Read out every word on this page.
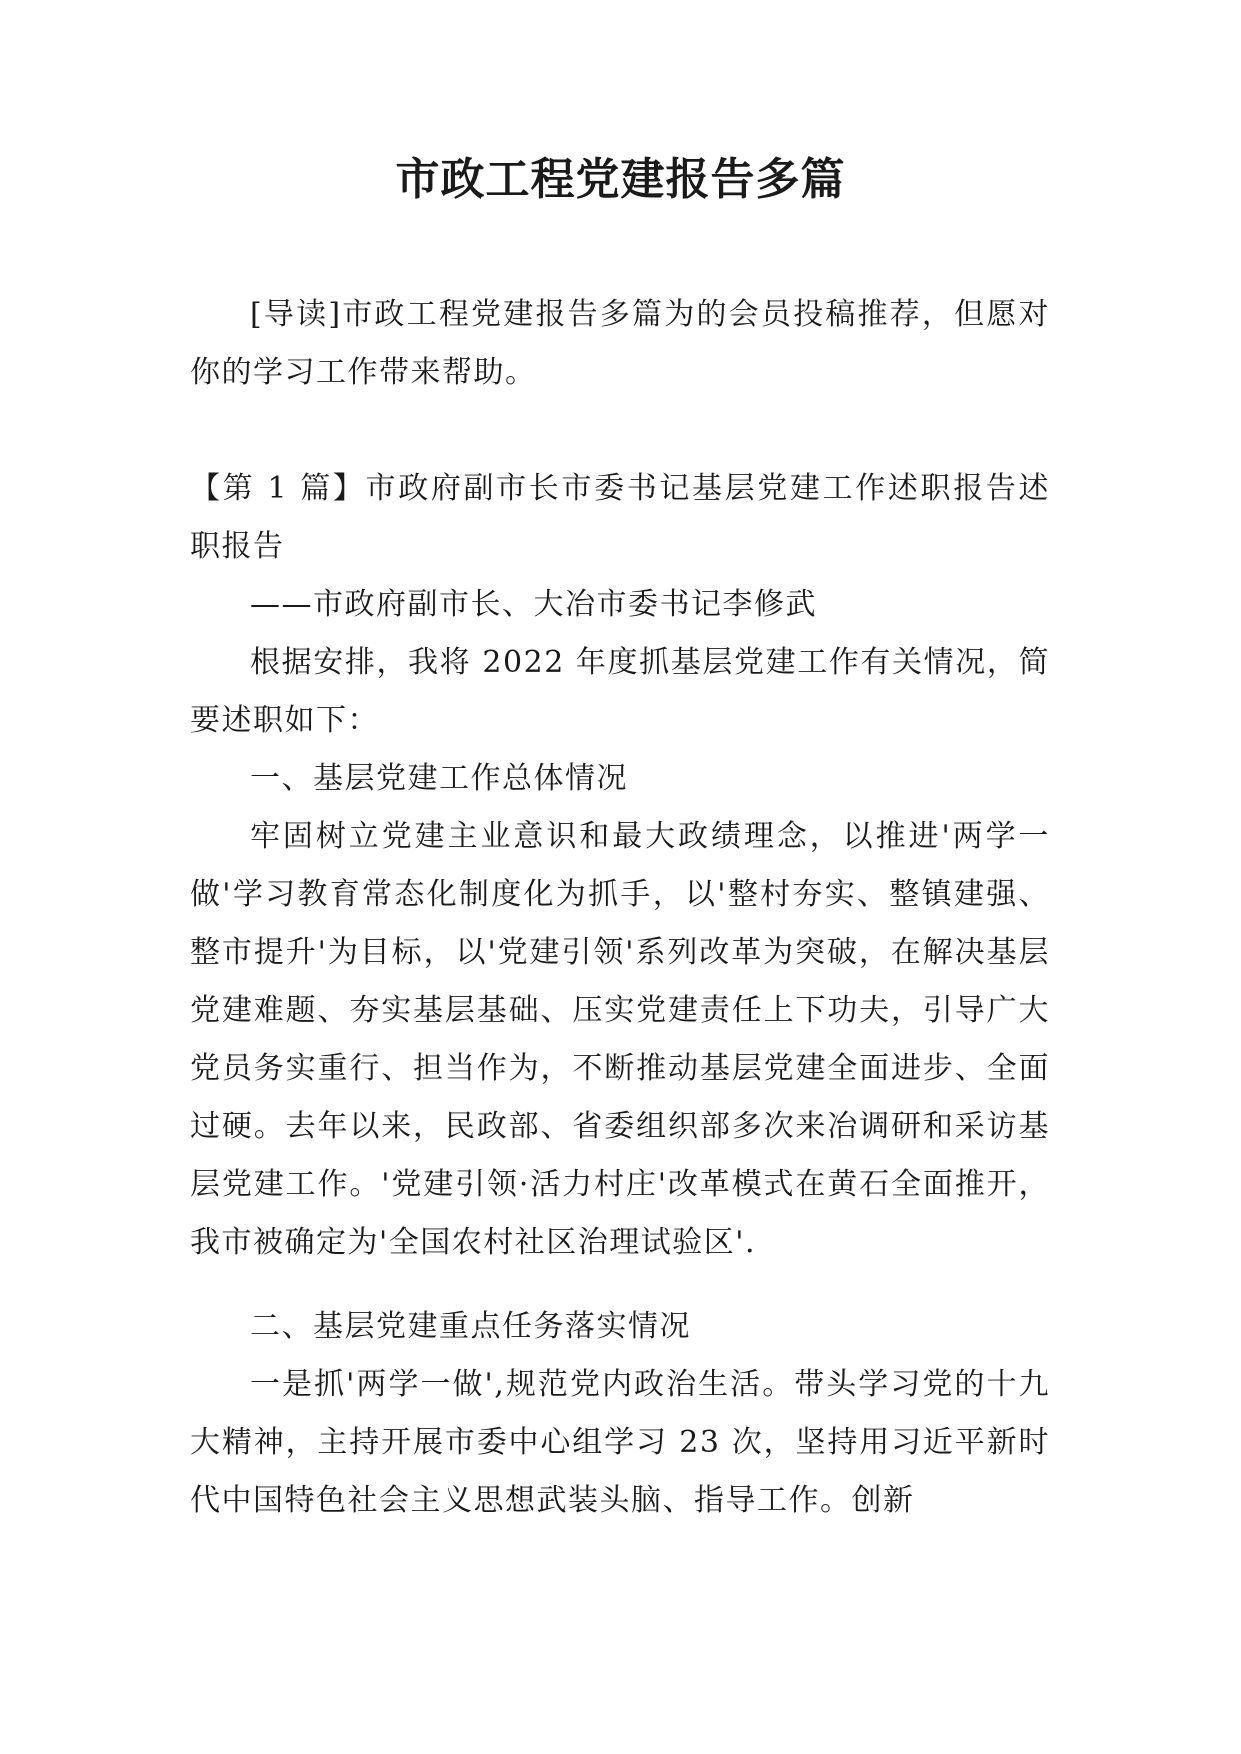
市政工程党建报告多篇

[导读]市政工程党建报告多篇为的会员投稿推荐，但愿对你的学习工作带来帮助。

【第 1 篇】市政府副市长市委书记基层党建工作述职报告述职报告

——市政府副市长、大冶市委书记李修武

根据安排，我将 2022 年度抓基层党建工作有关情况，简要述职如下：

一、基层党建工作总体情况

牢固树立党建主业意识和最大政绩理念，以推进'两学一做'学习教育常态化制度化为抓手，以'整村夯实、整镇建强、整市提升'为目标，以'党建引领'系列改革为突破，在解决基层党建难题、夯实基层基础、压实党建责任上下功夫，引导广大党员务实重行、担当作为，不断推动基层党建全面进步、全面过硬。去年以来，民政部、省委组织部多次来冶调研和采访基层党建工作。'党建引领·活力村庄'改革模式在黄石全面推开，我市被确定为'全国农村社区治理试验区'.

二、基层党建重点任务落实情况

一是抓'两学一做',规范党内政治生活。带头学习党的十九大精神，主持开展市委中心组学习 23 次，坚持用习近平新时代中国特色社会主义思想武装头脑、指导工作。创新
